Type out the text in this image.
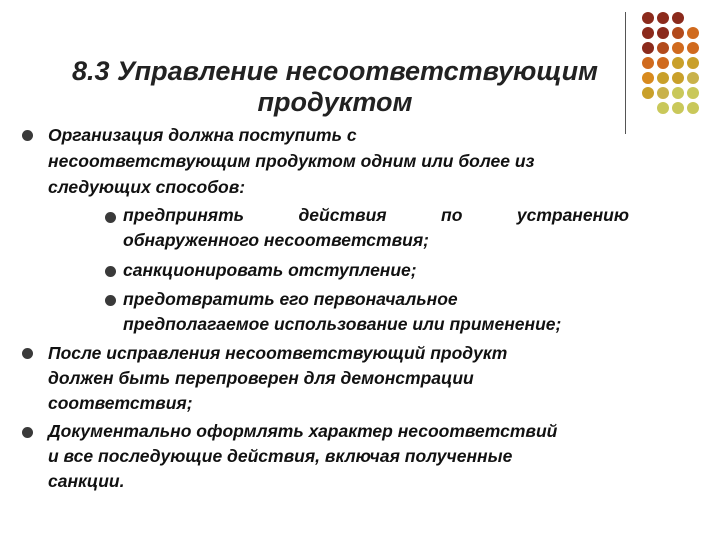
8.3 Управление несоответствующим
продуктом
Организация должна поступить с
несоответствующим продуктом одним или более из
следующих способов:
предпринять действия по устранению
обнаруженного несоответствия;
санкционировать отступление;
предотвратить его первоначальное
предполагаемое использование или применение;
После исправления несоответствующий продукт
должен быть перепроверен для демонстрации
соответствия;
Документально оформлять характер несоответствий
и все последующие действия, включая полученные
санкции.
